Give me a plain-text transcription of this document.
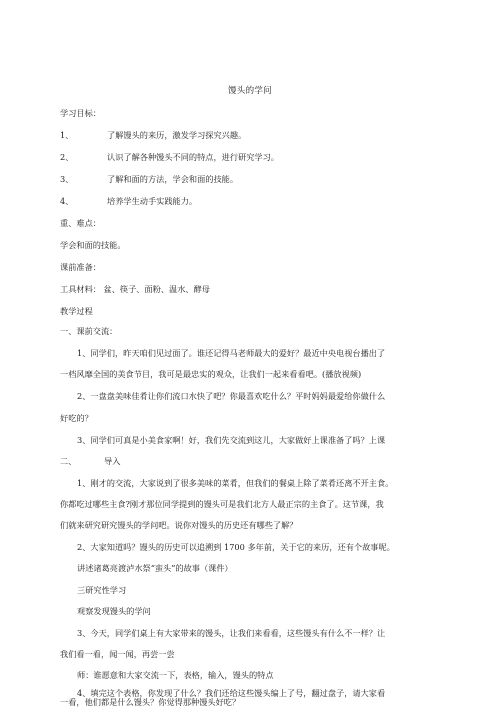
馒头的学问
学习目标：
1、	了解馒头的来历，激发学习探究兴趣。
2、	认识了解各种馒头不同的特点，进行研究学习。
3、	了解和面的方法，学会和面的技能。
4、	培养学生动手实践能力。
重、难点：
学会和面的技能。
课前准备：
工具材料： 盆、筷子、面粉、温水、酵母
教学过程
一、课前交流：
1、同学们，昨天咱们见过面了。谁还记得马老师最大的爱好？最近中央电视台播出了
一档风靡全国的美食节目，我可是最忠实的观众，让我们一起来看看吧。(播放视频)
2、一盘盘美味佳肴让你们流口水快了吧？你最喜欢吃什么？平时妈妈最爱给你做什么
好吃的？
3、同学们可真是小美食家啊！好，我们先交流到这儿，大家做好上课准备了吗？上课
二、	导入
1、刚才的交流，大家说到了很多美味的菜肴，但我们的餐桌上除了菜肴还离不开主食。
你都吃过哪些主食?刚才那位同学提到的馒头可是我们北方人最正宗的主食了。这节课，我
们就来研究研究馒头的学问吧。说你对馒头的历史还有哪些了解？
2、大家知道吗？馒头的历史可以追溯到 1700 多年前，关于它的来历，还有个故事呢。
讲述诸葛亮渡泸水祭“蛮头”的故事（课件）
三研究性学习
观察发现馒头的学问
3、今天，同学们桌上有大家带来的馒头，让我们来看看，这些馒头有什么不一样？让
我们看一看，闻一闻，再尝一尝
师：谁愿意和大家交流一下，表格，输入，馒头的特点
4、填完这个表格，你发现了什么？我们还给这些馒头编上了号，翻过盘子，请大家看
一看，他们都是什么馒头？你觉得那种馒头好吃？
